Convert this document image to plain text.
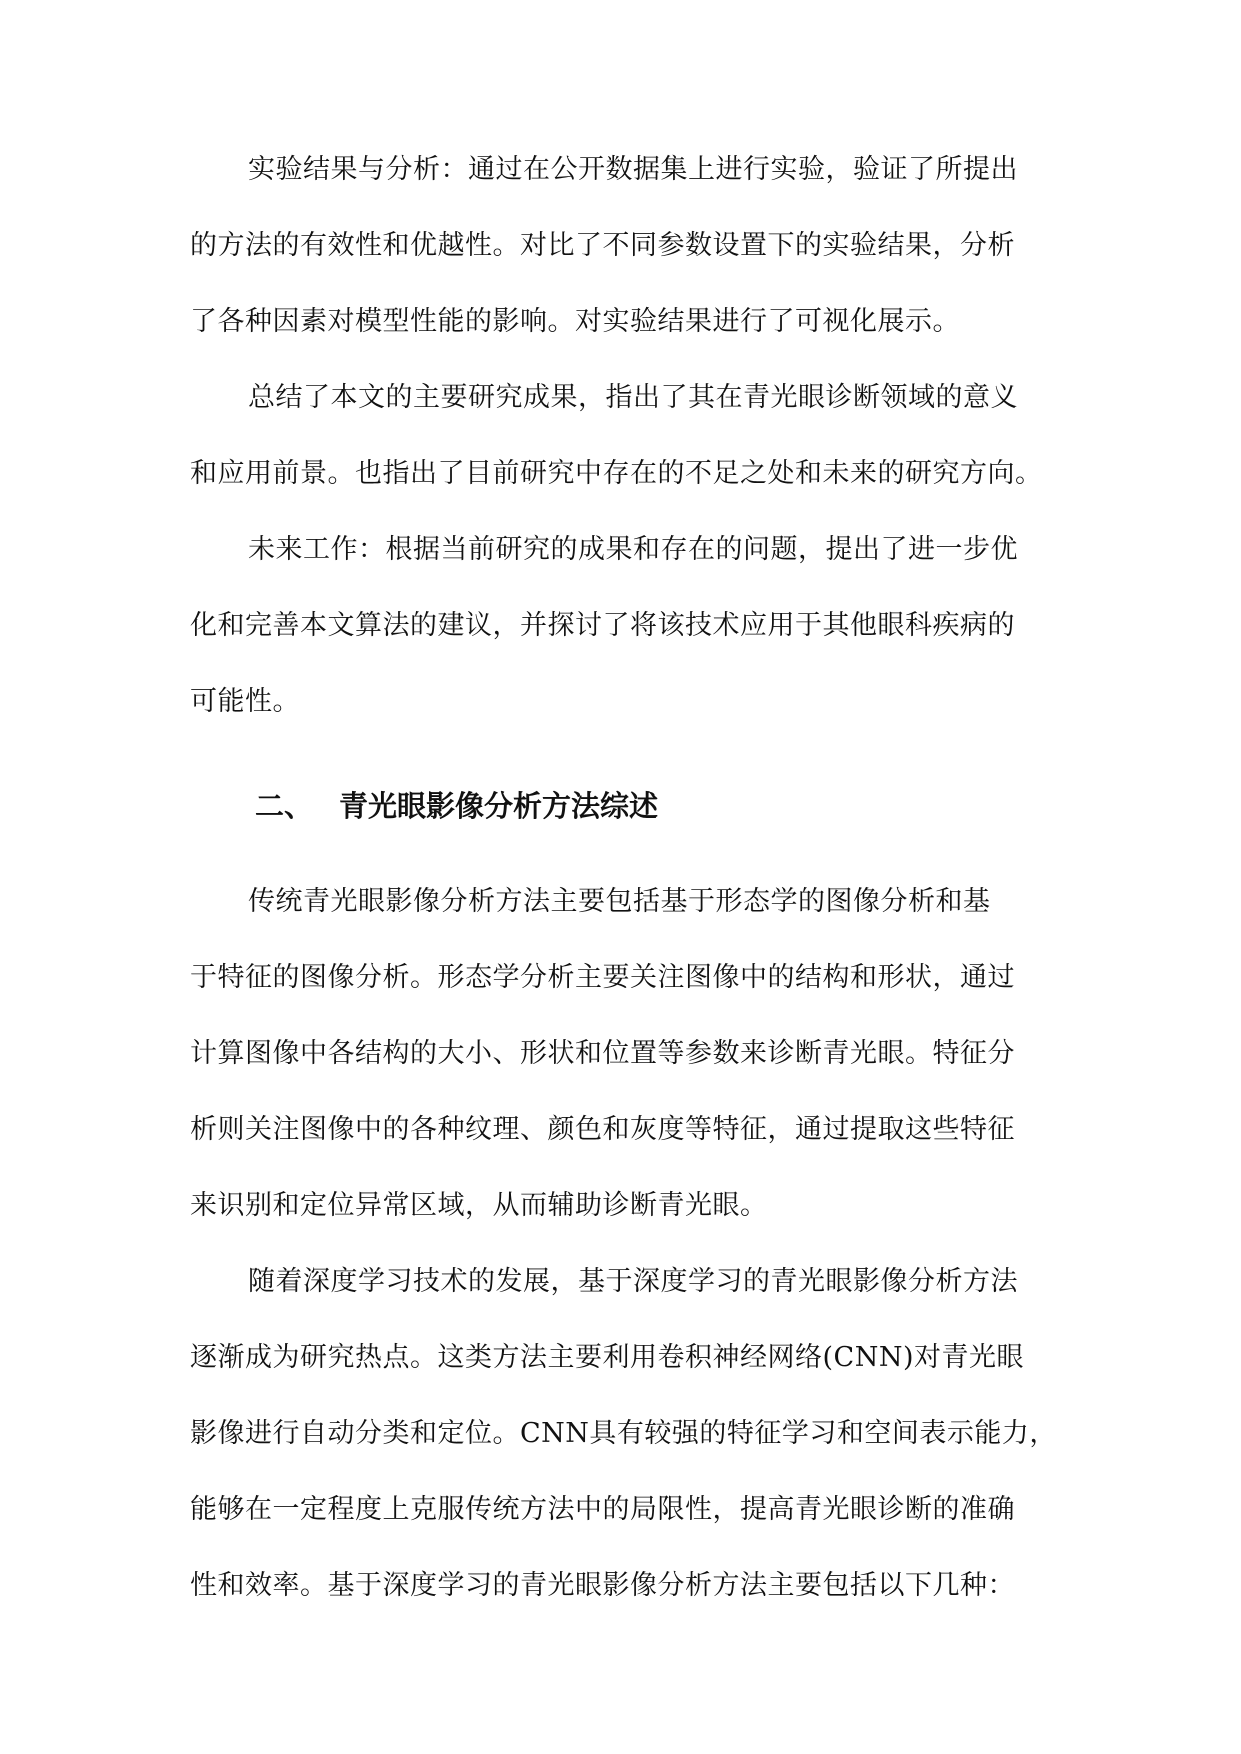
实验结果与分析：通过在公开数据集上进行实验，验证了所提出
的方法的有效性和优越性。对比了不同参数设置下的实验结果，分析
了各种因素对模型性能的影响。对实验结果进行了可视化展示。
总结了本文的主要研究成果，指出了其在青光眼诊断领域的意义
和应用前景。也指出了目前研究中存在的不足之处和未来的研究方向。
未来工作：根据当前研究的成果和存在的问题，提出了进一步优
化和完善本文算法的建议，并探讨了将该技术应用于其他眼科疾病的
可能性。
二、 青光眼影像分析方法综述
传统青光眼影像分析方法主要包括基于形态学的图像分析和基
于特征的图像分析。形态学分析主要关注图像中的结构和形状，通过
计算图像中各结构的大小、形状和位置等参数来诊断青光眼。特征分
析则关注图像中的各种纹理、颜色和灰度等特征，通过提取这些特征
来识别和定位异常区域，从而辅助诊断青光眼。
随着深度学习技术的发展，基于深度学习的青光眼影像分析方法
逐渐成为研究热点。这类方法主要利用卷积神经网络(CNN)对青光眼
影像进行自动分类和定位。CNN具有较强的特征学习和空间表示能力，
能够在一定程度上克服传统方法中的局限性，提高青光眼诊断的准确
性和效率。基于深度学习的青光眼影像分析方法主要包括以下几种：
